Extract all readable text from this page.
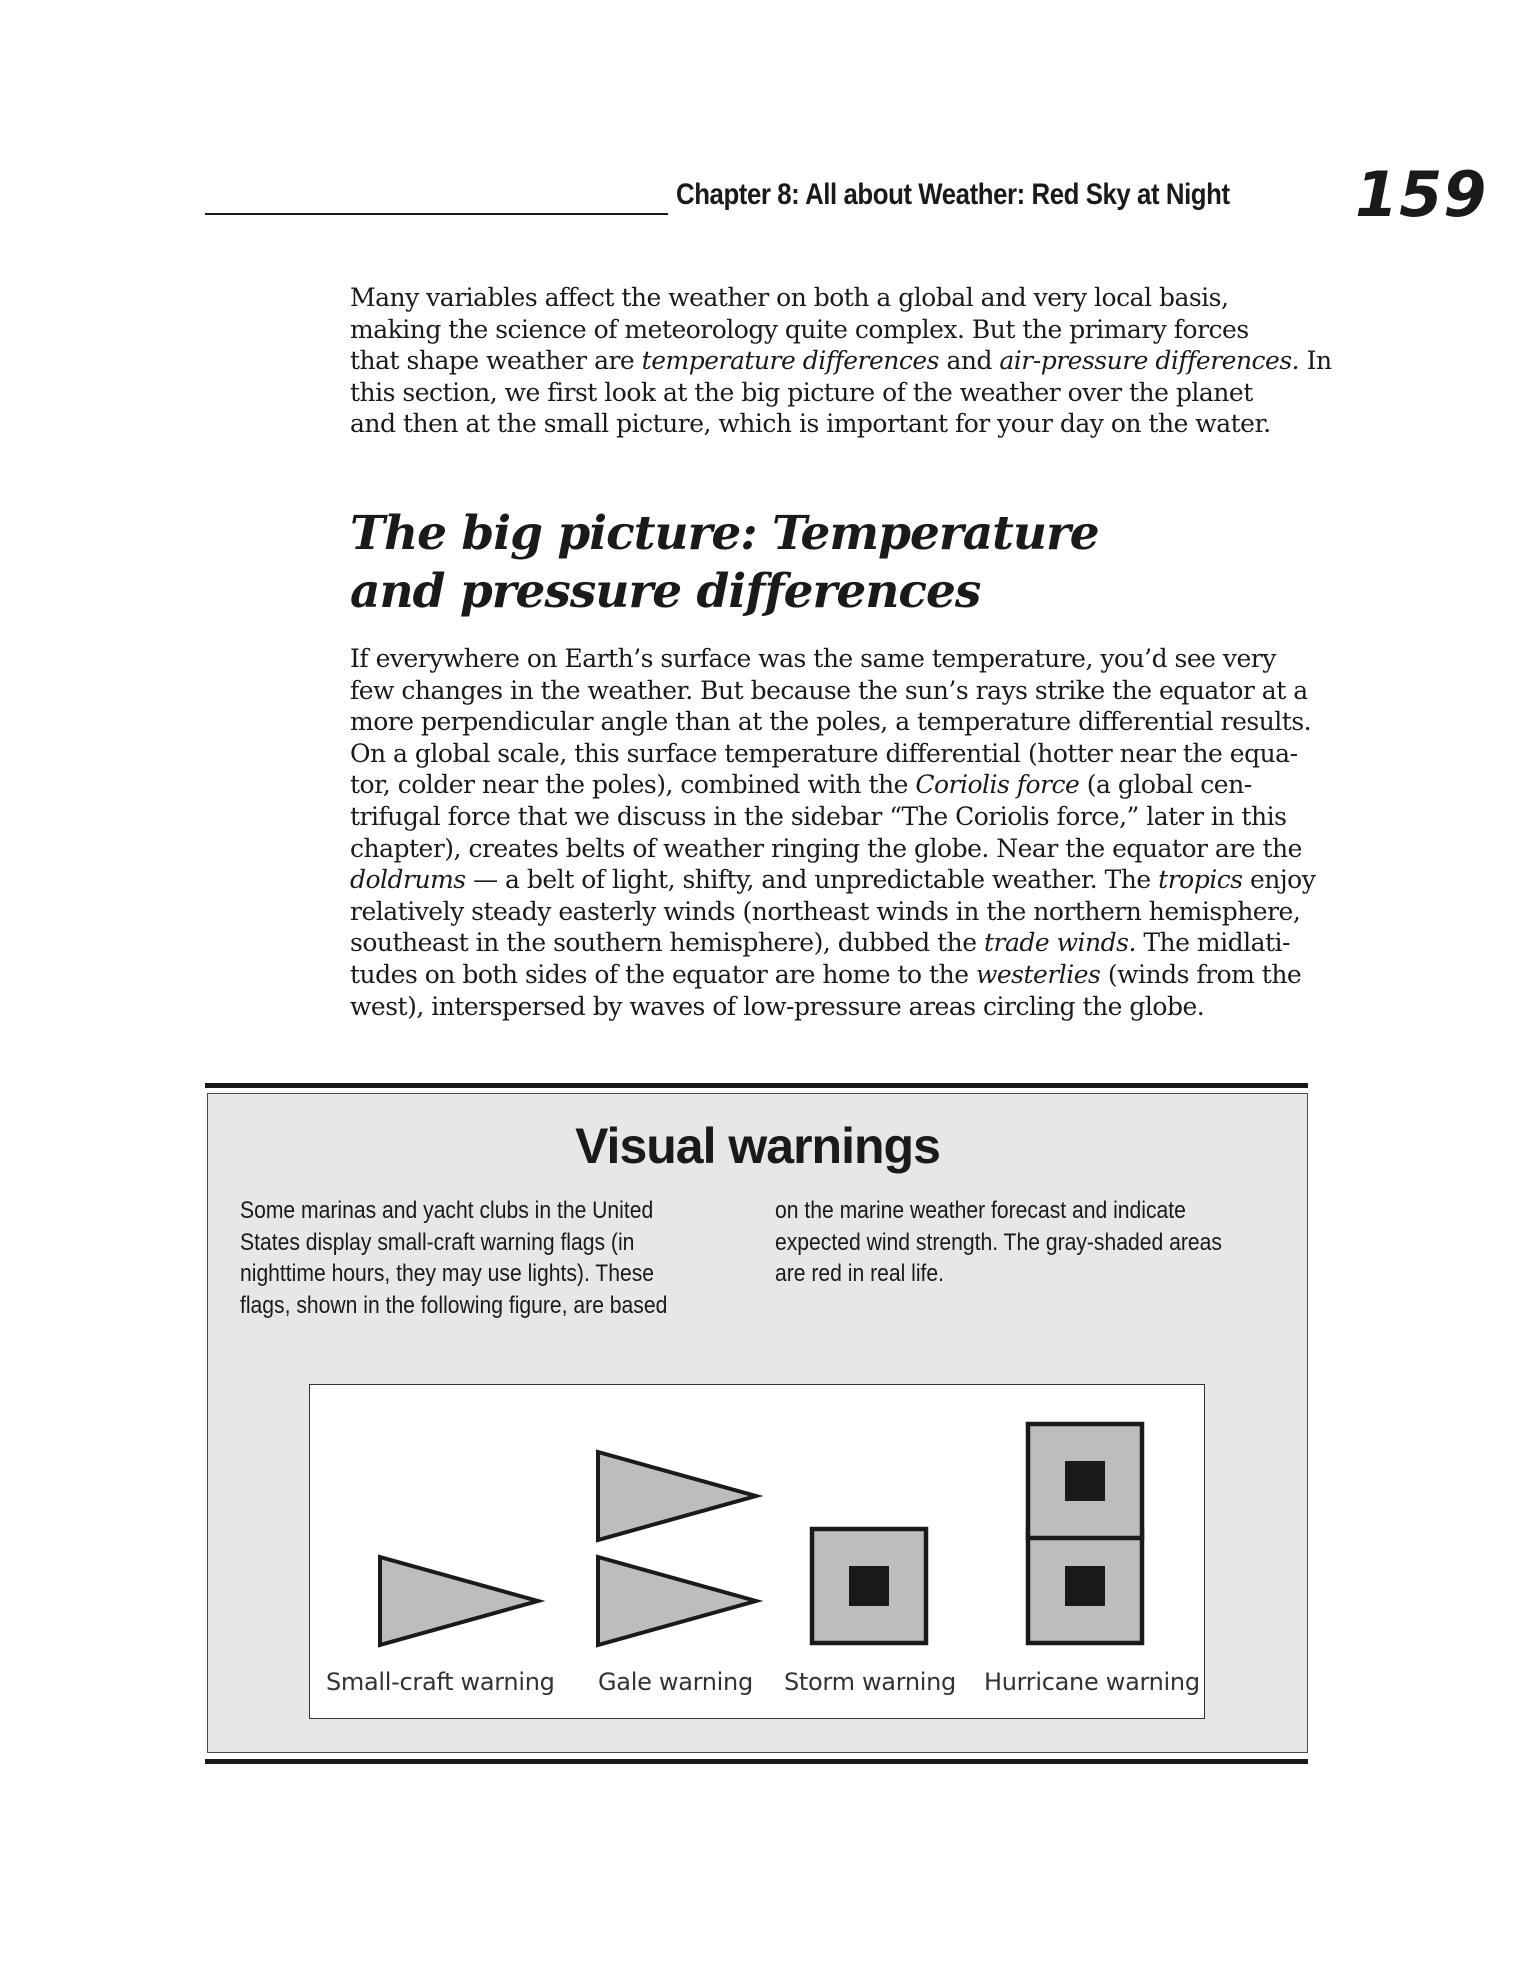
Chapter 8: All about Weather: Red Sky at Night 159
Many variables affect the weather on both a global and very local basis,
making the science of meteorology quite complex. But the primary forces
that shape weather are temperature differences and air-pressure differences. In
this section, we first look at the big picture of the weather over the planet
and then at the small picture, which is important for your day on the water.
The big picture: Temperature
and pressure differences
If everywhere on Earth’s surface was the same temperature, you’d see very
few changes in the weather. But because the sun’s rays strike the equator at a
more perpendicular angle than at the poles, a temperature differential results.
On a global scale, this surface temperature differential (hotter near the equa-
tor, colder near the poles), combined with the Coriolis force (a global cen-
trifugal force that we discuss in the sidebar “The Coriolis force,” later in this
chapter), creates belts of weather ringing the globe. Near the equator are the
doldrums — a belt of light, shifty, and unpredictable weather. The tropics enjoy
relatively steady easterly winds (northeast winds in the northern hemisphere,
southeast in the southern hemisphere), dubbed the trade winds. The midlati-
tudes on both sides of the equator are home to the westerlies (winds from the
west), interspersed by waves of low-pressure areas circling the globe.
Visual warnings
Some marinas and yacht clubs in the United
States display small-craft warning flags (in
nighttime hours, they may use lights). These
flags, shown in the following figure, are based
on the marine weather forecast and indicate
expected wind strength. The gray-shaded areas
are red in real life.
Small-craft warning Gale warning Storm warning Hurricane warning
